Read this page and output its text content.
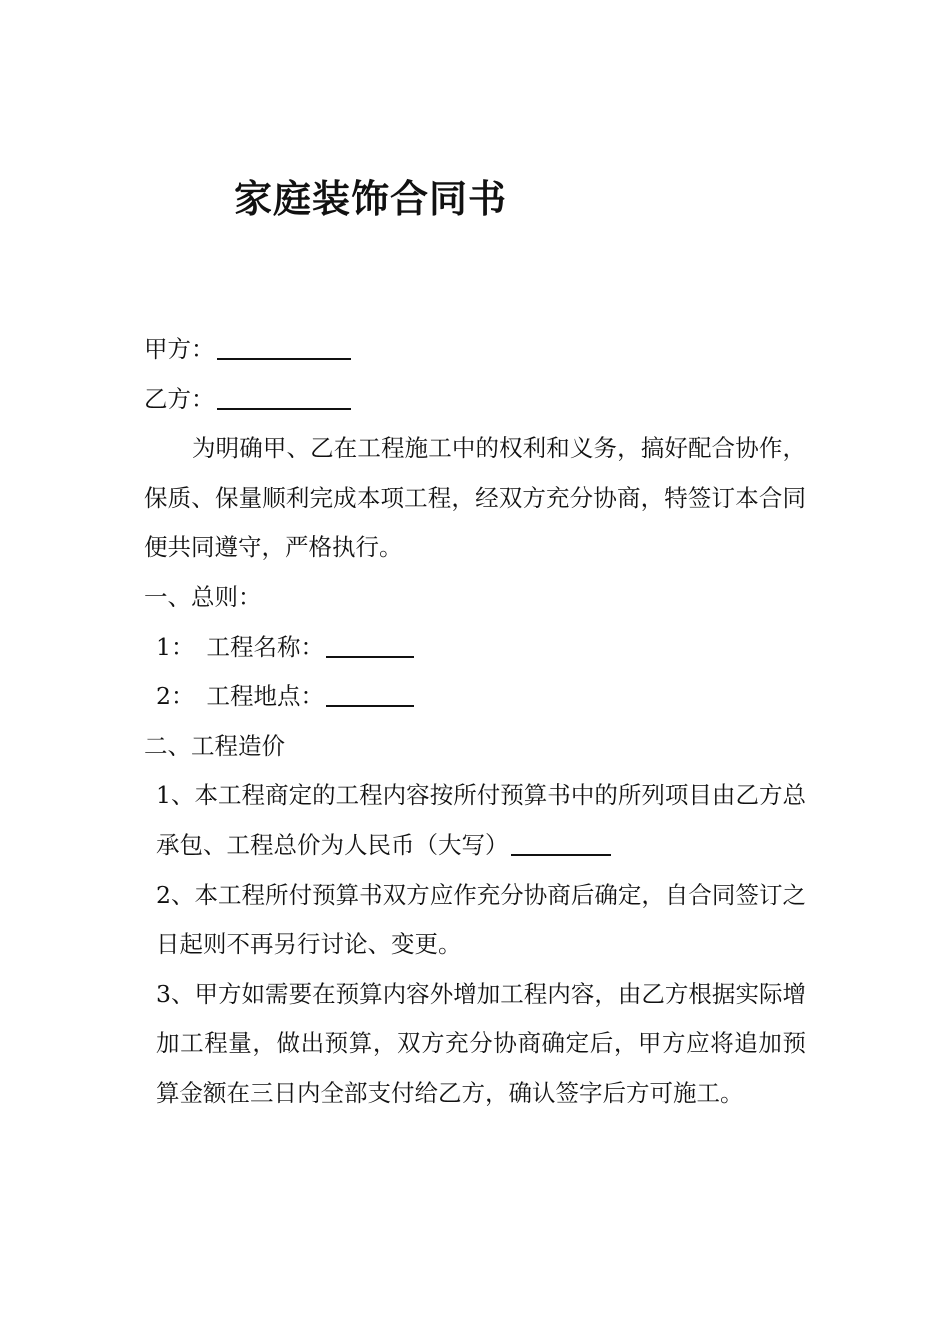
家庭装饰合同书
甲方：
乙方：
为明确甲、乙在工程施工中的权利和义务，搞好配合协作，保质、保量顺利完成本项工程，经双方充分协商，特签订本合同便共同遵守，严格执行。
一、总则：
1： 工程名称：
2： 工程地点：
二、工程造价
1、本工程商定的工程内容按所付预算书中的所列项目由乙方总承包、工程总价为人民币（大写）
2、本工程所付预算书双方应作充分协商后确定，自合同签订之日起则不再另行讨论、变更。
3、甲方如需要在预算内容外增加工程内容，由乙方根据实际增加工程量，做出预算，双方充分协商确定后，甲方应将追加预算金额在三日内全部支付给乙方，确认签字后方可施工。
